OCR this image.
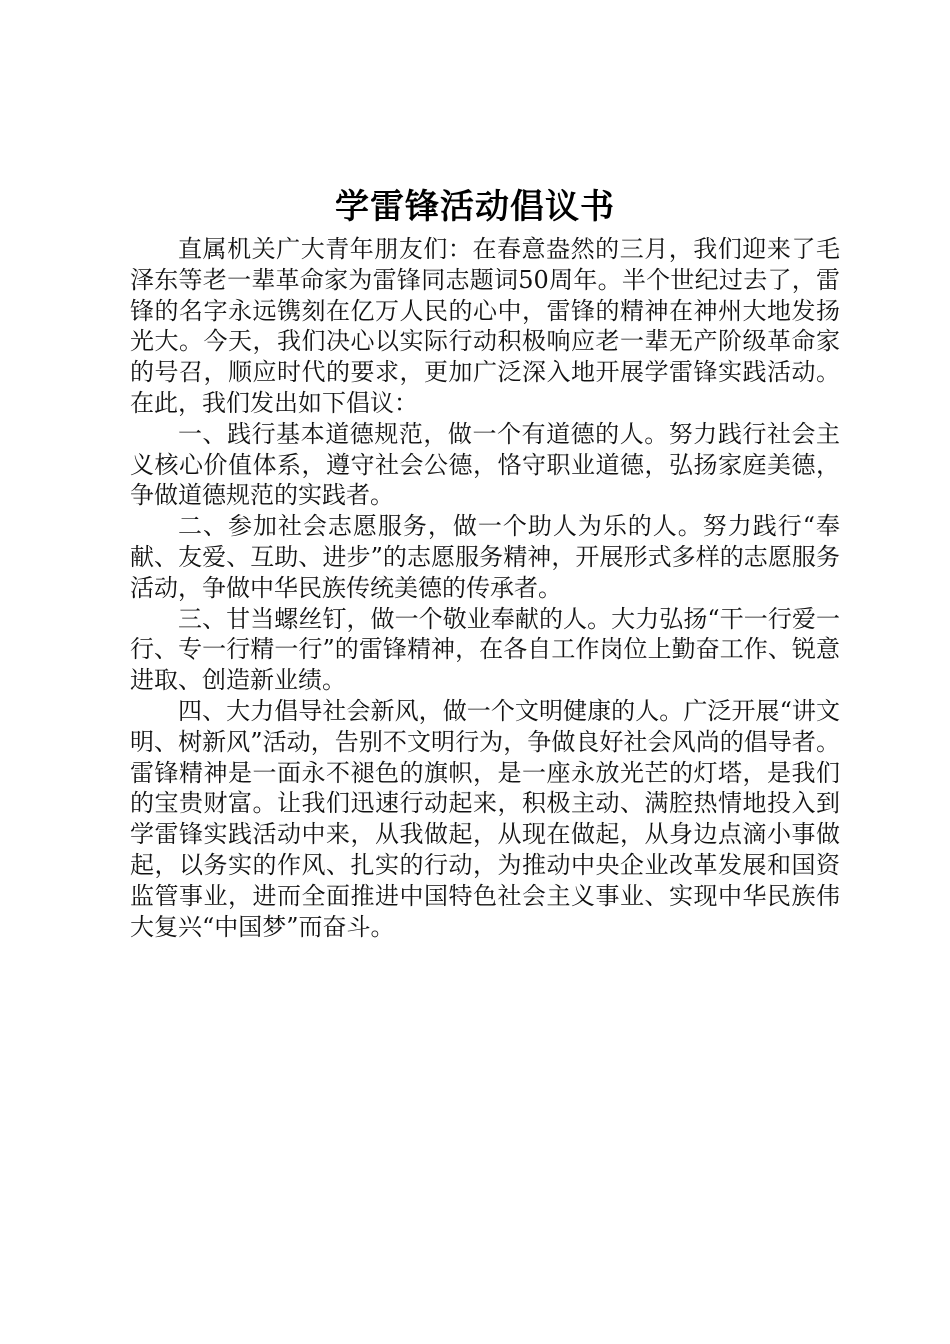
学雷锋活动倡议书

直属机关广大青年朋友们：在春意盎然的三月，我们迎来了毛泽东等老一辈革命家为雷锋同志题词50周年。半个世纪过去了，雷锋的名字永远镌刻在亿万人民的心中，雷锋的精神在神州大地发扬光大。今天，我们决心以实际行动积极响应老一辈无产阶级革命家的号召，顺应时代的要求，更加广泛深入地开展学雷锋实践活动。在此，我们发出如下倡议：

一、践行基本道德规范，做一个有道德的人。努力践行社会主义核心价值体系，遵守社会公德，恪守职业道德，弘扬家庭美德，争做道德规范的实践者。

二、参加社会志愿服务，做一个助人为乐的人。努力践行“奉献、友爱、互助、进步”的志愿服务精神，开展形式多样的志愿服务活动，争做中华民族传统美德的传承者。

三、甘当螺丝钉，做一个敬业奉献的人。大力弘扬“干一行爱一行、专一行精一行”的雷锋精神，在各自工作岗位上勤奋工作、锐意进取、创造新业绩。

四、大力倡导社会新风，做一个文明健康的人。广泛开展“讲文明、树新风”活动，告别不文明行为，争做良好社会风尚的倡导者。雷锋精神是一面永不褪色的旗帜，是一座永放光芒的灯塔，是我们的宝贵财富。让我们迅速行动起来，积极主动、满腔热情地投入到学雷锋实践活动中来，从我做起，从现在做起，从身边点滴小事做起，以务实的作风、扎实的行动，为推动中央企业改革发展和国资监管事业，进而全面推进中国特色社会主义事业、实现中华民族伟大复兴“中国梦”而奋斗。
